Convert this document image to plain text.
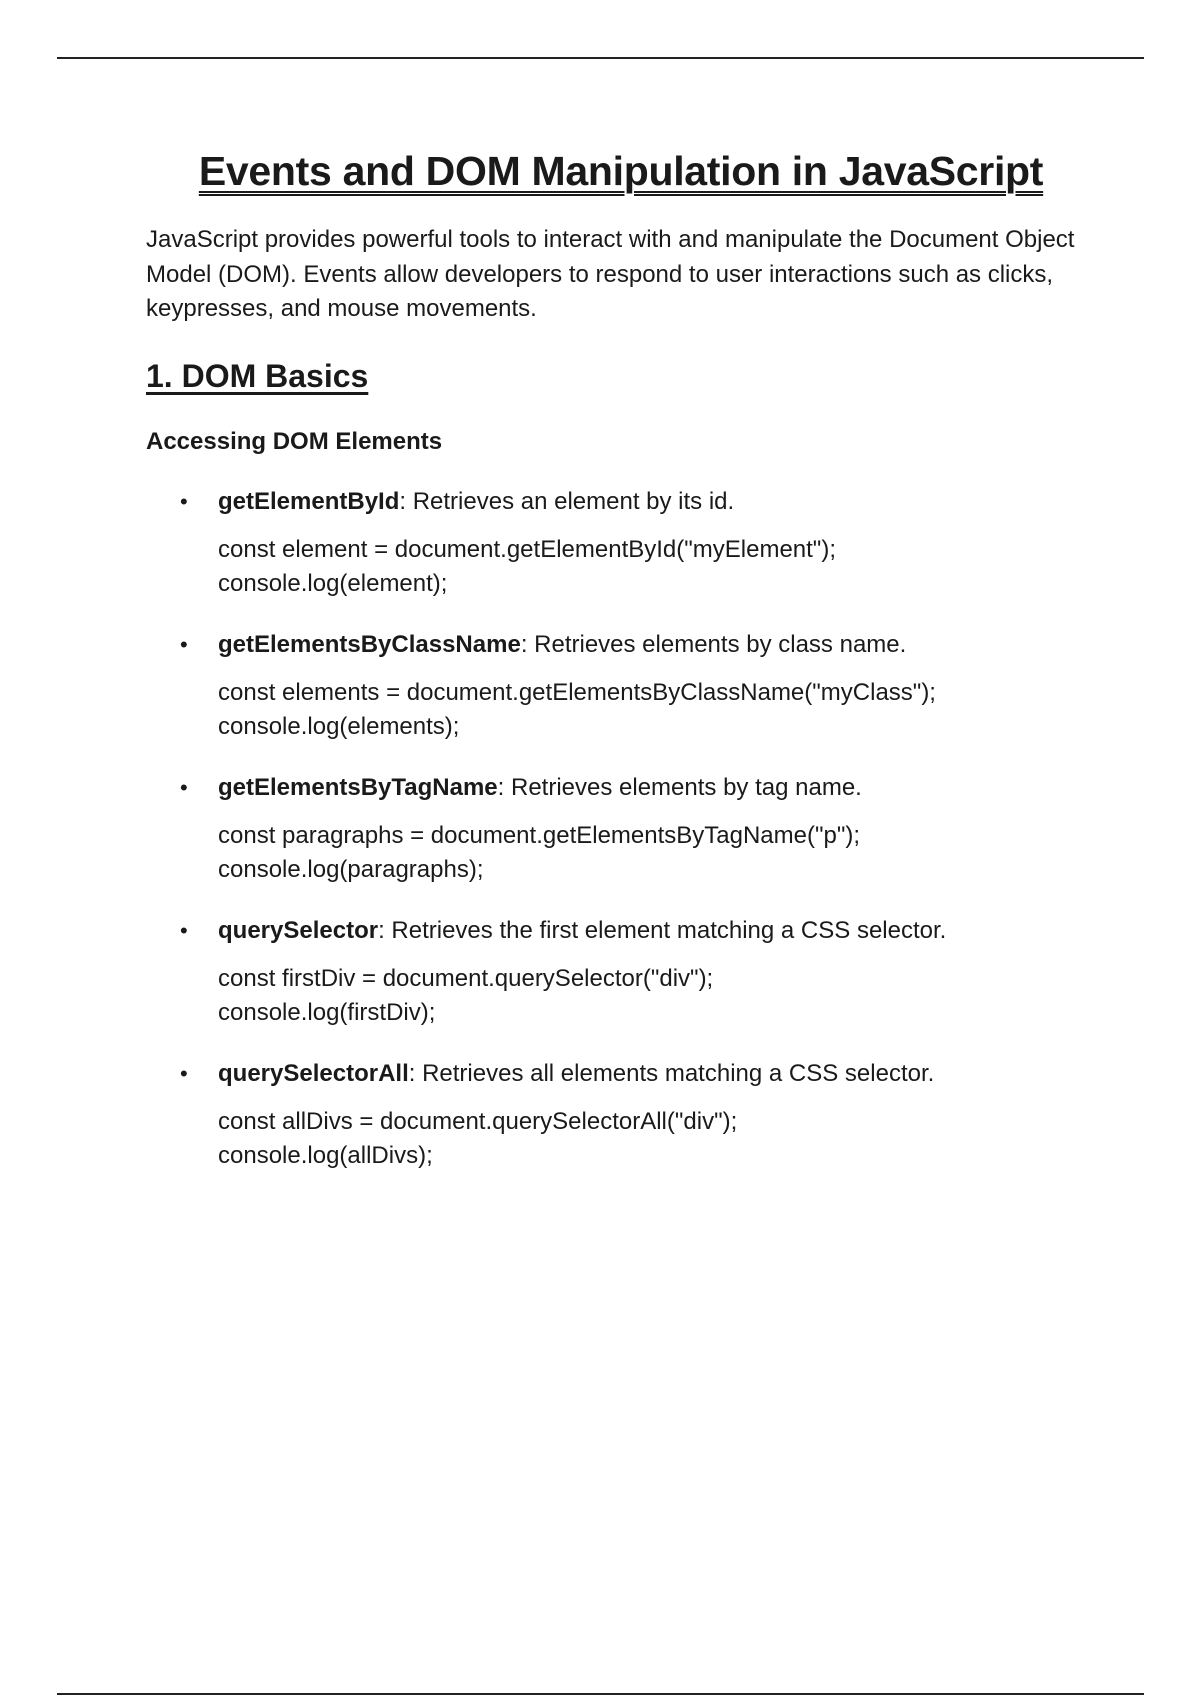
Events and DOM Manipulation in JavaScript

JavaScript provides powerful tools to interact with and manipulate the Document Object Model (DOM). Events allow developers to respond to user interactions such as clicks, keypresses, and mouse movements.

1. DOM Basics
Accessing DOM Elements
• getElementById: Retrieves an element by its id.

const element = document.getElementById("myElement");
console.log(element);
• getElementsByClassName: Retrieves elements by class name.

const elements = document.getElementsByClassName("myClass");
console.log(elements);
• getElementsByTagName: Retrieves elements by tag name.

const paragraphs = document.getElementsByTagName("p");
console.log(paragraphs);
• querySelector: Retrieves the first element matching a CSS selector.

const firstDiv = document.querySelector("div");
console.log(firstDiv);
• querySelectorAll: Retrieves all elements matching a CSS selector.

const allDivs = document.querySelectorAll("div");
console.log(allDivs);
